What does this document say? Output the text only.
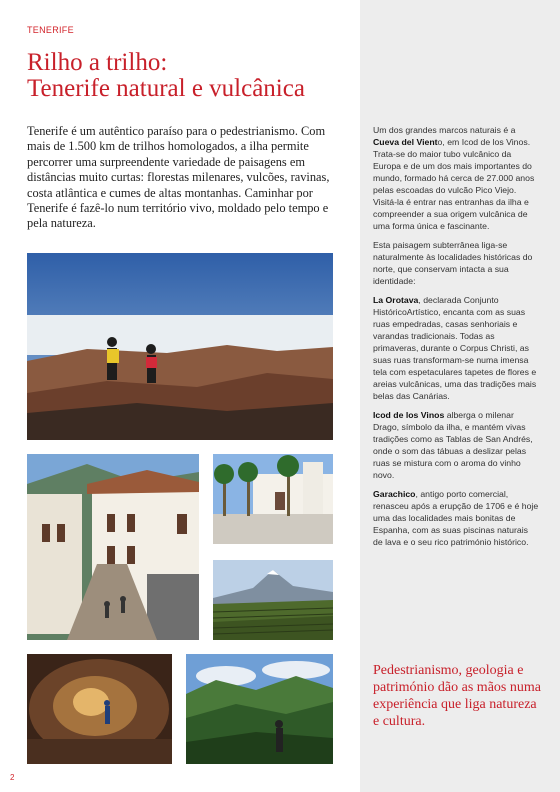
TENERIFE
Rilho a trilho:
Tenerife natural e vulcânica

Tenerife é um autêntico paraíso para o pedestrianismo. Com mais de 1.500 km de trilhos homologados, a ilha permite percorrer uma surpreendente variedade de paisagens em distâncias muito curtas: florestas milenares, vulcões, ravinas, costa atlântica e cumes de altas montanhas. Caminhar por Tenerife é fazê-lo num território vivo, moldado pelo tempo e pela natureza.

Um dos grandes marcos naturais é a Cueva del Viento, em Icod de los Vinos. Trata-se do maior tubo vulcânico da Europa e de um dos mais importantes do mundo, formado há cerca de 27.000 anos pelas escoadas do vulcão Pico Viejo. Visitá-la é entrar nas entranhas da ilha e compreender a sua origem vulcânica de uma forma única e fascinante.

Esta paisagem subterrânea liga-se naturalmente às localidades históricas do norte, que conservam intacta a sua identidade:

La Orotava, declarada Conjunto HistóricoArtístico, encanta com as suas ruas empedradas, casas senhoriais e varandas tradicionais. Todas as primaveras, durante o Corpus Christi, as suas ruas transformam-se numa imensa tela com espetaculares tapetes de flores e areias vulcânicas, uma das tradições mais belas das Canárias.

Icod de los Vinos alberga o milenar Drago, símbolo da ilha, e mantém vivas tradições como as Tablas de San Andrés, onde o som das tábuas a deslizar pelas ruas se mistura com o aroma do vinho novo.

Garachico, antigo porto comercial, renasceu após a erupção de 1706 e é hoje uma das localidades mais bonitas de Espanha, com as suas piscinas naturais de lava e o seu rico património histórico.

Pedestrianismo, geologia e património dão as mãos numa experiência que liga natureza e cultura.

2
